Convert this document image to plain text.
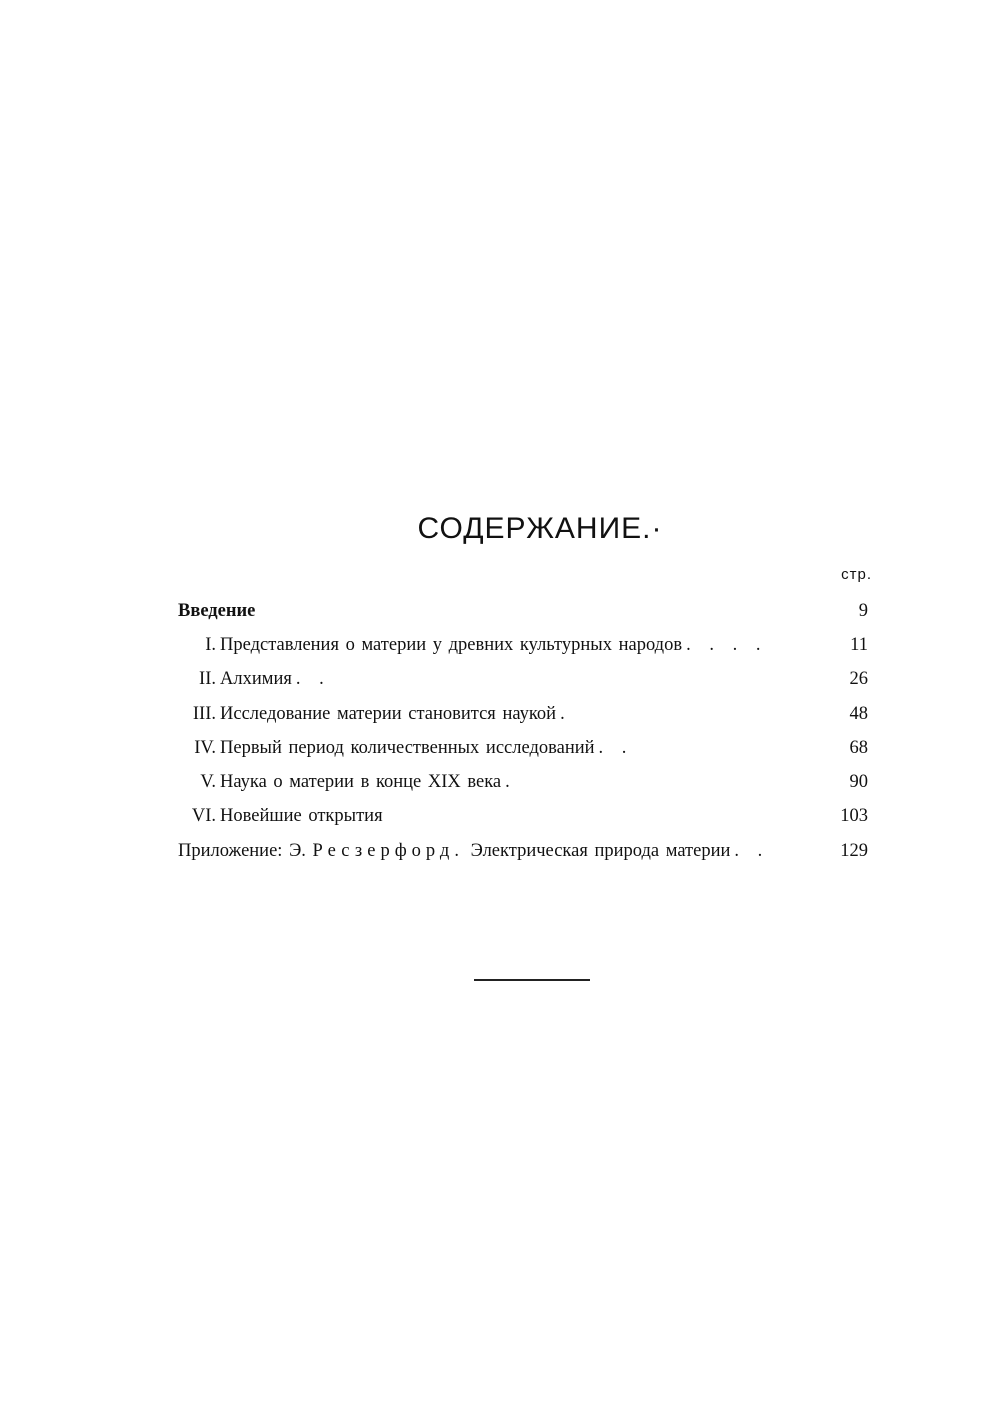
СОДЕРЖАНИЕ.·
стр.
Введение	9
I. Представления о материи у древних культурных народов . . . .	11
II. Алхимия . .	26
III. Исследование материи становится наукой .	48
IV. Первый период количественных исследований . .	68
V. Наука о материи в конце XIX века .	90
VI. Новейшие открытия	103
Приложение: Э. Ресзерфорд. Электрическая природа материи . .	129
